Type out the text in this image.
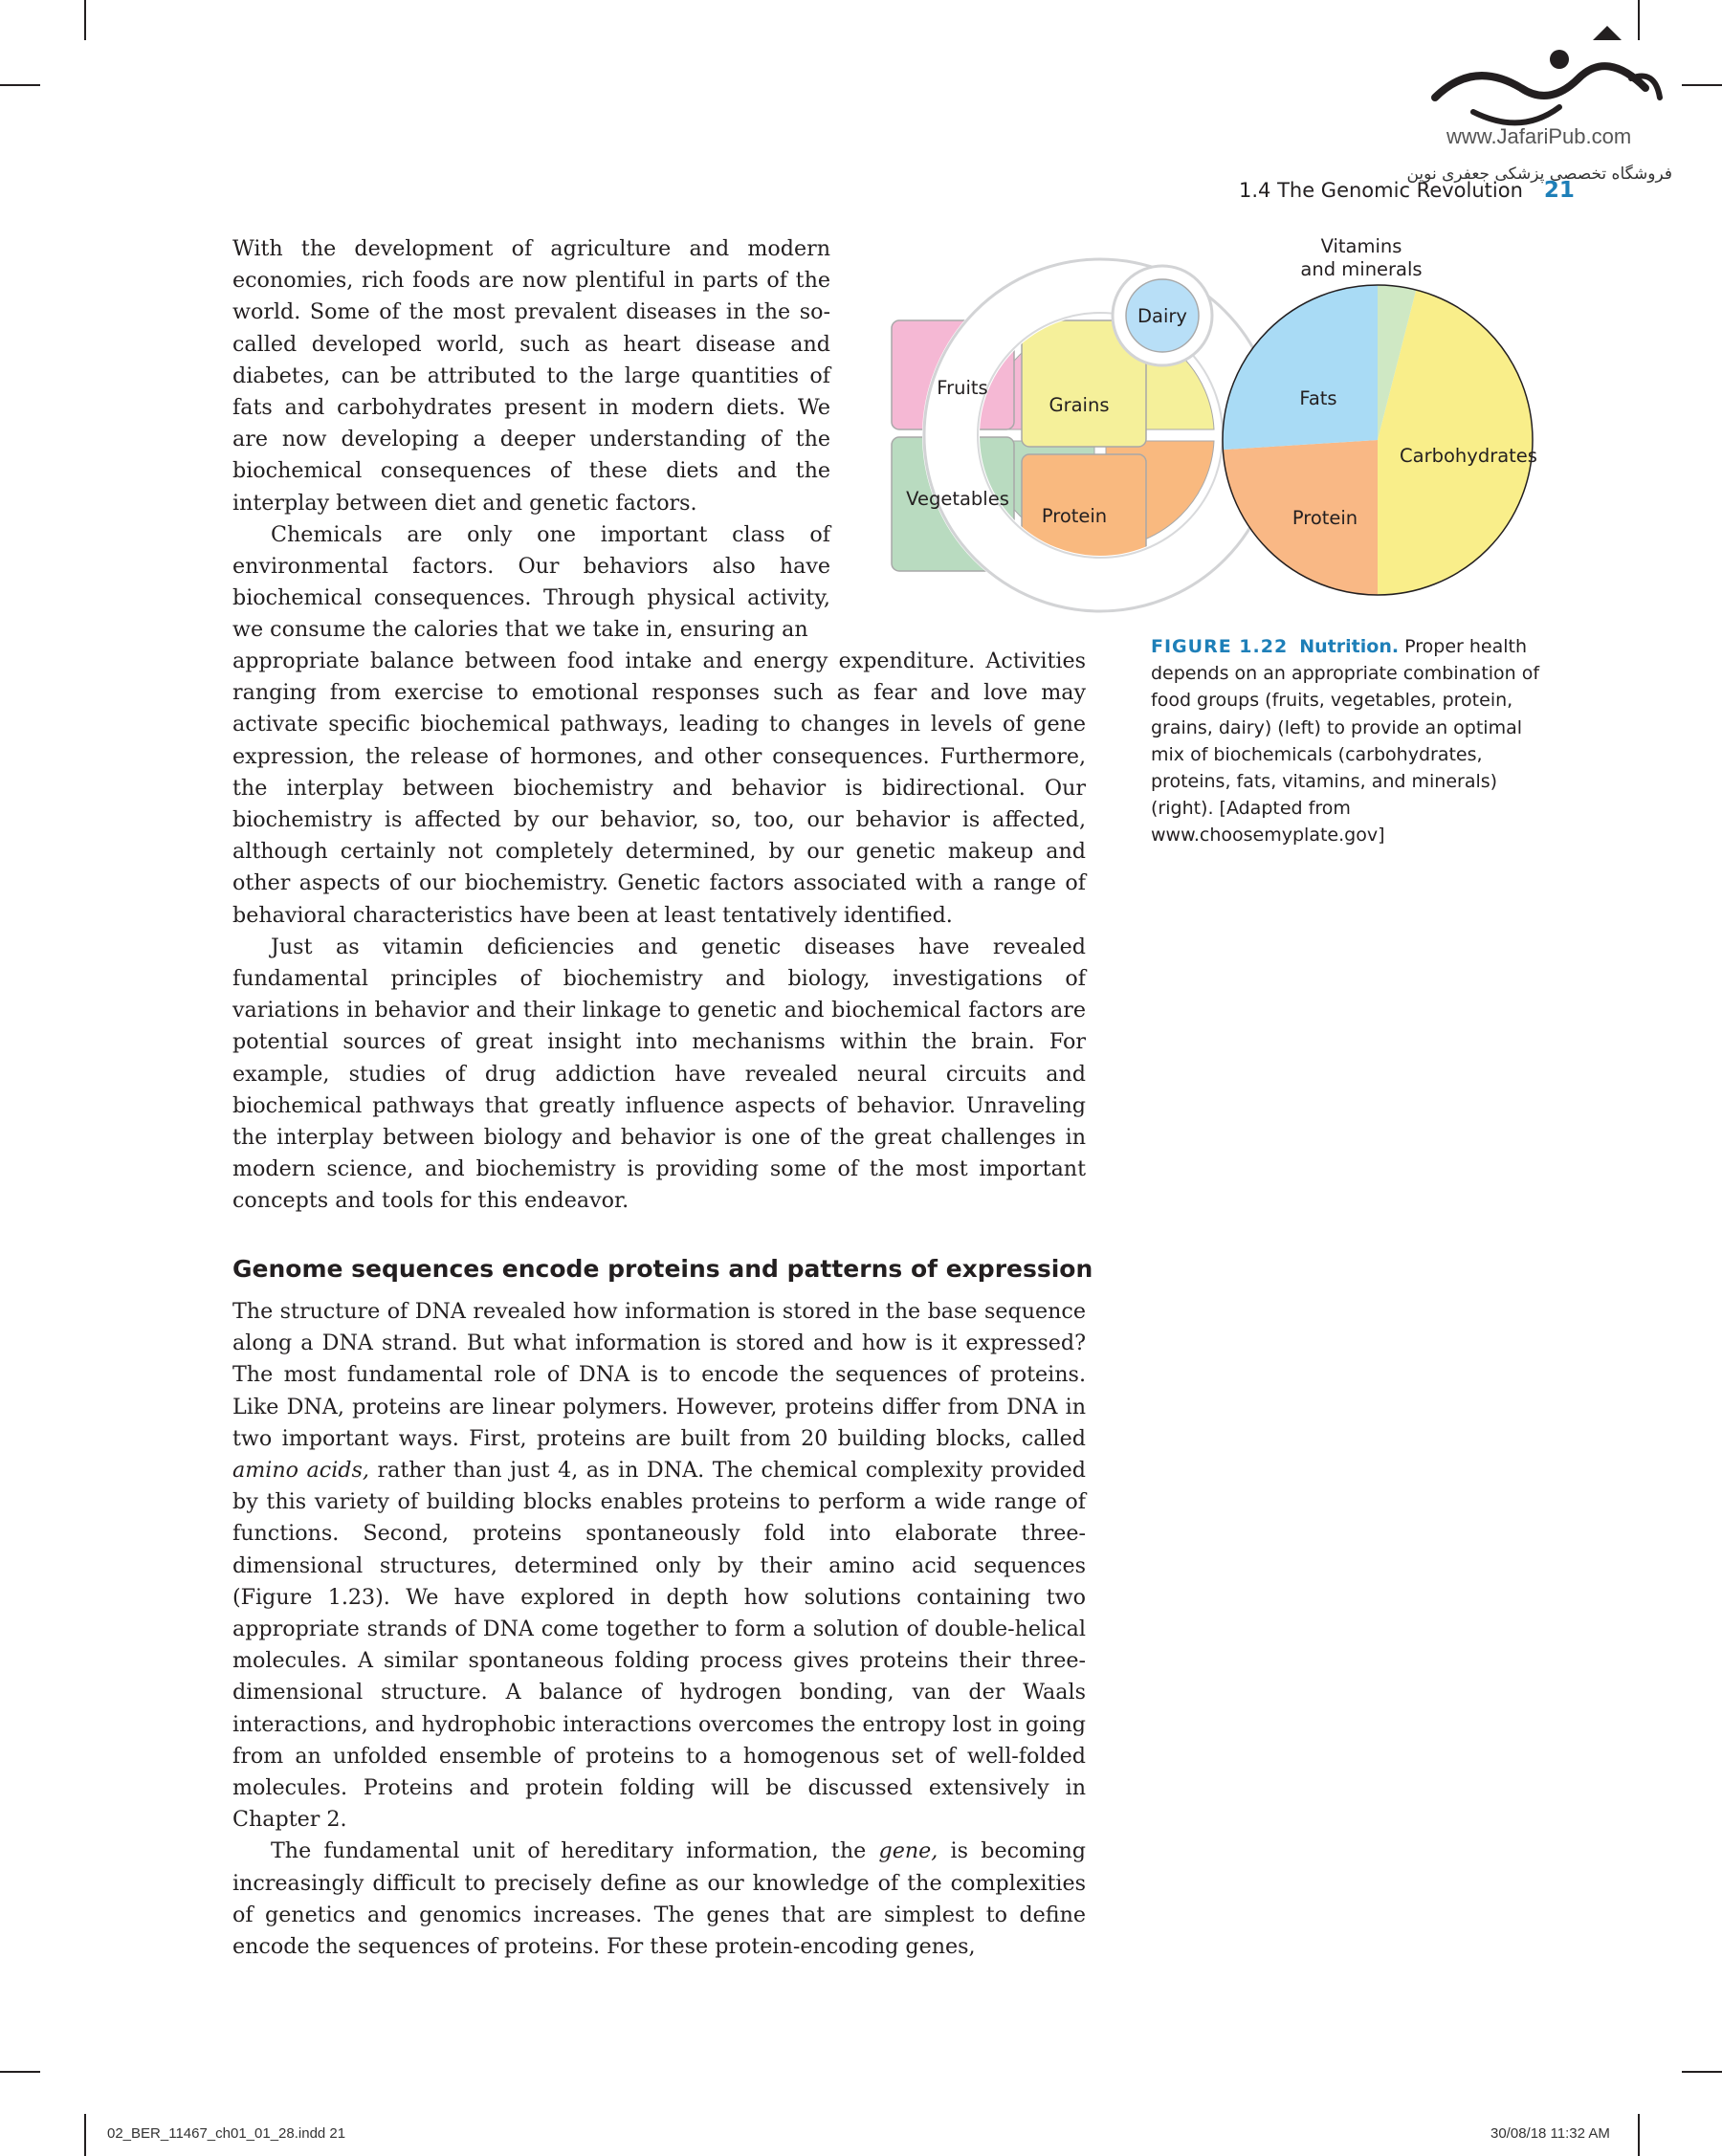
www.JafariPub.com
فروشگاه تخصصی پزشکی جعفری نوین
1.4 The Genomic Revolution 21

With the development of agriculture and modern economies, rich foods are now plentiful in parts of the world. Some of the most prevalent diseases in the so-called developed world, such as heart disease and diabetes, can be attributed to the large quantities of fats and carbohydrates present in modern diets. We are now developing a deeper understanding of the biochemical consequences of these diets and the interplay between diet and genetic factors.

Chemicals are only one important class of environmental factors. Our behaviors also have biochemical consequences. Through physical activity, we consume the calories that we take in, ensuring an

appropriate balance between food intake and energy expenditure. Activities ranging from exercise to emotional responses such as fear and love may activate specific biochemical pathways, leading to changes in levels of gene expression, the release of hormones, and other consequences. Furthermore, the interplay between biochemistry and behavior is bidirectional. Our biochemistry is affected by our behavior, so, too, our behavior is affected, although certainly not completely determined, by our genetic makeup and other aspects of our biochemistry. Genetic factors associated with a range of behavioral characteristics have been at least tentatively identified.

Just as vitamin deficiencies and genetic diseases have revealed fundamental principles of biochemistry and biology, investigations of variations in behavior and their linkage to genetic and biochemical factors are potential sources of great insight into mechanisms within the brain. For example, studies of drug addiction have revealed neural circuits and biochemical pathways that greatly influence aspects of behavior. Unraveling the interplay between biology and behavior is one of the great challenges in modern science, and biochemistry is providing some of the most important concepts and tools for this endeavor.

Genome sequences encode proteins and patterns of expression

The structure of DNA revealed how information is stored in the base sequence along a DNA strand. But what information is stored and how is it expressed? The most fundamental role of DNA is to encode the sequences of proteins. Like DNA, proteins are linear polymers. However, proteins differ from DNA in two important ways. First, proteins are built from 20 building blocks, called amino acids, rather than just 4, as in DNA. The chemical complexity provided by this variety of building blocks enables proteins to perform a wide range of functions. Second, proteins spontaneously fold into elaborate three-dimensional structures, determined only by their amino acid sequences (Figure 1.23). We have explored in depth how solutions containing two appropriate strands of DNA come together to form a solution of double-helical molecules. A similar spontaneous folding process gives proteins their three-dimensional structure. A balance of hydrogen bonding, van der Waals interactions, and hydrophobic interactions overcomes the entropy lost in going from an unfolded ensemble of proteins to a homogenous set of well-folded molecules. Proteins and protein folding will be discussed extensively in Chapter 2.

The fundamental unit of hereditary information, the gene, is becoming increasingly difficult to precisely define as our knowledge of the complexities of genetics and genomics increases. The genes that are simplest to define encode the sequences of proteins. For these protein-encoding genes,

Fruits
Grains
Vegetables
Protein
Dairy
Vitamins
and minerals
Fats
Carbohydrates
Protein

FIGURE 1.22 Nutrition. Proper health depends on an appropriate combination of food groups (fruits, vegetables, protein, grains, dairy) (left) to provide an optimal mix of biochemicals (carbohydrates, proteins, fats, vitamins, and minerals) (right). [Adapted from www.choosemyplate.gov]

02_BER_11467_ch01_01_28.indd 21	30/08/18 11:32 AM
